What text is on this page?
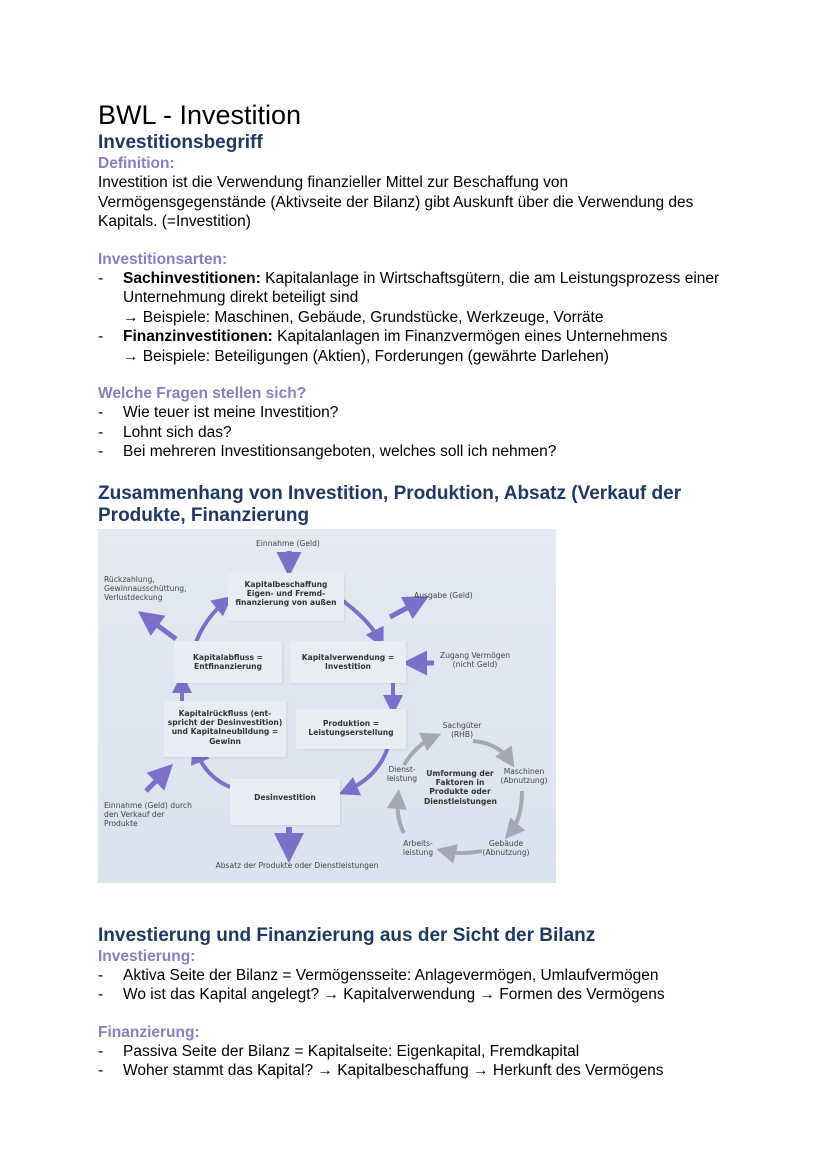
BWL - Investition
Investitionsbegriff
Definition:

Investition ist die Verwendung finanzieller Mittel zur Beschaffung von Vermögensgegenstände (Aktivseite der Bilanz) gibt Auskunft über die Verwendung des Kapitals. (=Investition)

Investitionsarten:
- Sachinvestitionen: Kapitalanlage in Wirtschaftsgütern, die am Leistungsprozess einer Unternehmung direkt beteiligt sind
→ Beispiele: Maschinen, Gebäude, Grundstücke, Werkzeuge, Vorräte
- Finanzinvestitionen: Kapitalanlagen im Finanzvermögen eines Unternehmens
→ Beispiele: Beteiligungen (Aktien), Forderungen (gewährte Darlehen)
Welche Fragen stellen sich?
- Wie teuer ist meine Investition?
- Lohnt sich das?
- Bei mehreren Investitionsangeboten, welches soll ich nehmen?
Zusammenhang von Investition, Produktion, Absatz (Verkauf der Produkte, Finanzierung
Einnahme (Geld)
Rückzahlung, Gewinnausschüttung, Verlustdeckung	Ausgabe (Geld)
Kapitalbeschaffung Eigen- und Fremd- finanzierung von außen
Kapitalabfluss = Entfinanzierung
Kapitalverwendung = Investition
Zugang Vermögen (nicht Geld)
Kapitalrückfluss (ent- spricht der Desinvestition) und Kapitalneubildung = Gewinn
Produktion = Leistungserstellung
Sachgüter (RHB)
Dienst- leistung
Umformung der Faktoren in Produkte oder Dienstleistungen
Maschinen (Abnutzung)
Desinvestition
Einnahme (Geld) durch den Verkauf der Produkte
Arbeits- leistung
Gebäude (Abnutzung)
Absatz der Produkte oder Dienstleistungen
Investierung und Finanzierung aus der Sicht der Bilanz
Investierung:
- Aktiva Seite der Bilanz = Vermögensseite: Anlagevermögen, Umlaufvermögen
- Wo ist das Kapital angelegt? → Kapitalverwendung → Formen des Vermögens
Finanzierung:
- Passiva Seite der Bilanz = Kapitalseite: Eigenkapital, Fremdkapital
- Woher stammt das Kapital? → Kapitalbeschaffung → Herkunft des Vermögens
